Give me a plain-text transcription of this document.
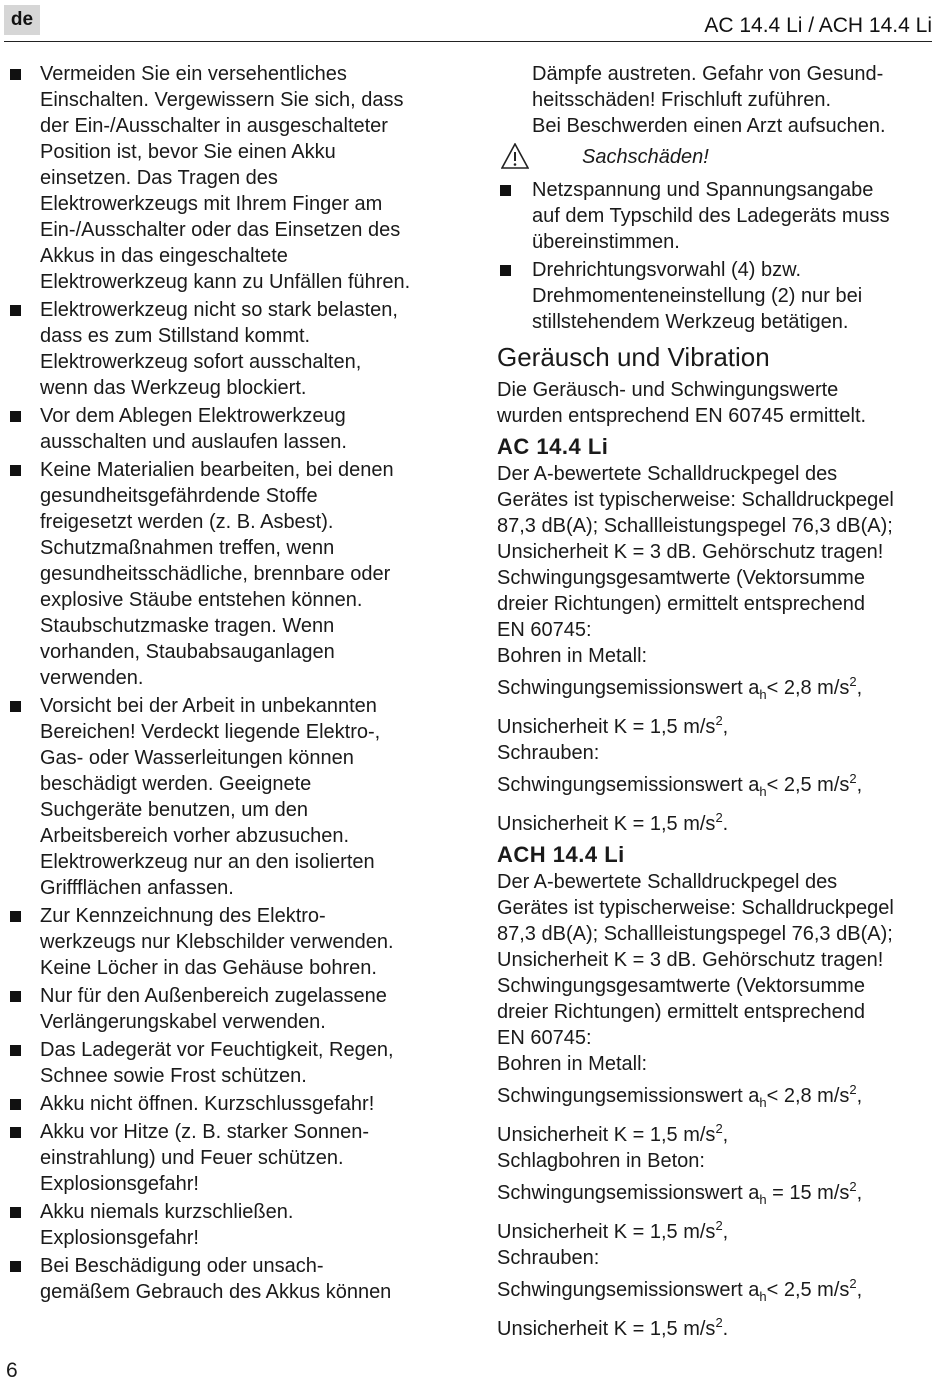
de	AC 14.4 Li / ACH 14.4 Li
Vermeiden Sie ein versehentliches
Einschalten. Vergewissern Sie sich, dass
der Ein-/Ausschalter in ausgeschalteter
Position ist, bevor Sie einen Akku
einsetzen. Das Tragen des
Elektrowerkzeugs mit Ihrem Finger am
Ein-/Ausschalter oder das Einsetzen des
Akkus in das eingeschaltete
Elektrowerkzeug kann zu Unfällen führen.
Elektrowerkzeug nicht so stark belasten,
dass es zum Stillstand kommt.
Elektrowerkzeug sofort ausschalten,
wenn das Werkzeug blockiert.
Vor dem Ablegen Elektrowerkzeug
ausschalten und auslaufen lassen.
Keine Materialien bearbeiten, bei denen
gesundheitsgefährdende Stoffe
freigesetzt werden (z. B. Asbest).
Schutzmaßnahmen treffen, wenn
gesundheitsschädliche, brennbare oder
explosive Stäube entstehen können.
Staubschutzmaske tragen. Wenn
vorhanden, Staubabsauganlagen
verwenden.
Vorsicht bei der Arbeit in unbekannten
Bereichen! Verdeckt liegende Elektro-,
Gas- oder Wasserleitungen können
beschädigt werden. Geeignete
Suchgeräte benutzen, um den
Arbeitsbereich vorher abzusuchen.
Elektrowerkzeug nur an den isolierten
Griffflächen anfassen.
Zur Kennzeichnung des Elektro-
werkzeugs nur Klebschilder verwenden.
Keine Löcher in das Gehäuse bohren.
Nur für den Außenbereich zugelassene
Verlängerungskabel verwenden.
Das Ladegerät vor Feuchtigkeit, Regen,
Schnee sowie Frost schützen.
Akku nicht öffnen. Kurzschlussgefahr!
Akku vor Hitze (z. B. starker Sonnen-
einstrahlung) und Feuer schützen.
Explosionsgefahr!
Akku niemals kurzschließen.
Explosionsgefahr!
Bei Beschädigung oder unsach-
gemäßem Gebrauch des Akkus können
Dämpfe austreten. Gefahr von Gesund-
heitsschäden! Frischluft zuführen.
Bei Beschwerden einen Arzt aufsuchen.
Sachschäden!
Netzspannung und Spannungsangabe
auf dem Typschild des Ladegeräts muss
übereinstimmen.
Drehrichtungsvorwahl (4) bzw.
Drehmomenteneinstellung (2) nur bei
stillstehendem Werkzeug betätigen.
Geräusch und Vibration

Die Geräusch- und Schwingungswerte
wurden entsprechend EN 60745 ermittelt.

AC 14.4 Li

Der A-bewertete Schalldruckpegel des
Gerätes ist typischerweise: Schalldruckpegel
87,3 dB(A); Schallleistungspegel 76,3 dB(A);
Unsicherheit K = 3 dB. Gehörschutz tragen!
Schwingungsgesamtwerte (Vektorsumme
dreier Richtungen) ermittelt entsprechend
EN 60745:

Bohren in Metall:

Schwingungsemissionswert $a_h< 2,8$ $m/s^2$,

Unsicherheit K = 1,5 $m/s^2$,

Schrauben:

Schwingungsemissionswert $a_h< 2,5$ $m/s^2$,

Unsicherheit K = 1,5 $m/s^2$.

ACH 14.4 Li

Der A-bewertete Schalldruckpegel des
Gerätes ist typischerweise: Schalldruckpegel
87,3 dB(A); Schallleistungspegel 76,3 dB(A);
Unsicherheit K = 3 dB. Gehörschutz tragen!
Schwingungsgesamtwerte (Vektorsumme
dreier Richtungen) ermittelt entsprechend
EN 60745:

Bohren in Metall:

Schwingungsemissionswert $a_h< 2,8$ $m/s^2$,

Unsicherheit K = 1,5 $m/s^2$,

Schlagbohren in Beton:

Schwingungsemissionswert $a_h = 15$ $m/s^2$,

Unsicherheit K = 1,5 $m/s^2$,

Schrauben:

Schwingungsemissionswert $a_h< 2,5$ $m/s^2$,

Unsicherheit K = 1,5 $m/s^2$.

6
